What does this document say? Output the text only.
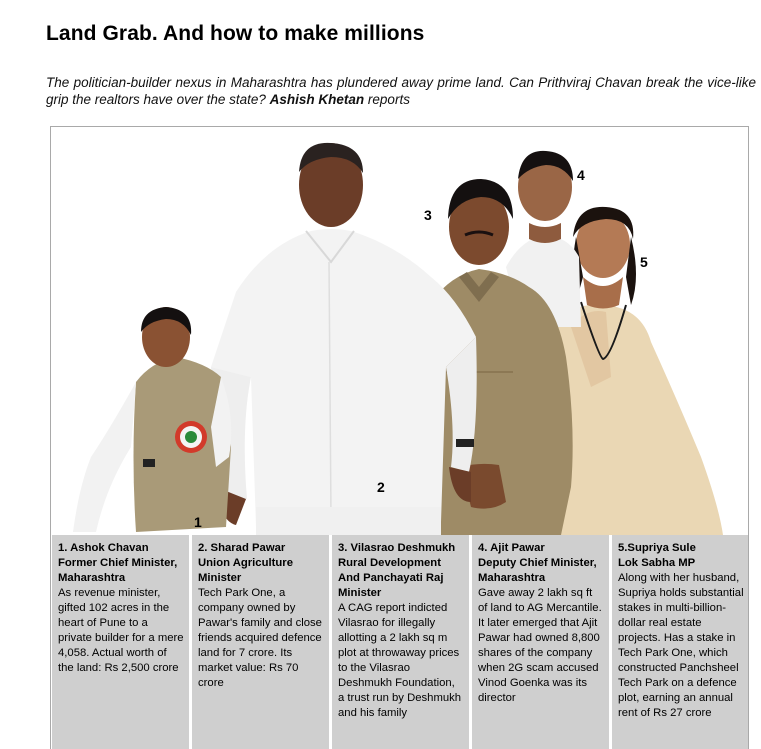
Land Grab. And how to make millions

The politician-builder nexus in Maharashtra has plundered away prime land. Can Prithviraj Chavan break the vice-like grip the realtors have over the state? Ashish Khetan reports

1
2
3
4
5
1. Ashok Chavan
Former Chief Minister, Maharashtra
As revenue minister, gifted 102 acres in the heart of Pune to a private builder for a mere 4,058. Actual worth of the land: Rs 2,500 crore
2. Sharad Pawar
Union Agriculture Minister
Tech Park One, a company owned by Pawar's family and close friends acquired defence land for 7 crore. Its market value: Rs 70 crore
3. Vilasrao Deshmukh
Rural Development And Panchayati Raj Minister
A CAG report indicted Vilasrao for illegally allotting a 2 lakh sq m plot at throwaway prices to the Vilasrao Deshmukh Foundation, a trust run by Deshmukh and his family
4. Ajit Pawar
Deputy Chief Minister, Maharashtra
Gave away 2 lakh sq ft of land to AG Mercantile. It later emerged that Ajit Pawar had owned 8,800 shares of the company when 2G scam accused Vinod Goenka was its director
5.Supriya Sule
Lok Sabha MP
Along with her husband, Supriya holds substantial stakes in multi-billion-dollar real estate projects. Has a stake in Tech Park One, which constructed Panchsheel Tech Park on a defence plot, earning an annual rent of Rs 27 crore
